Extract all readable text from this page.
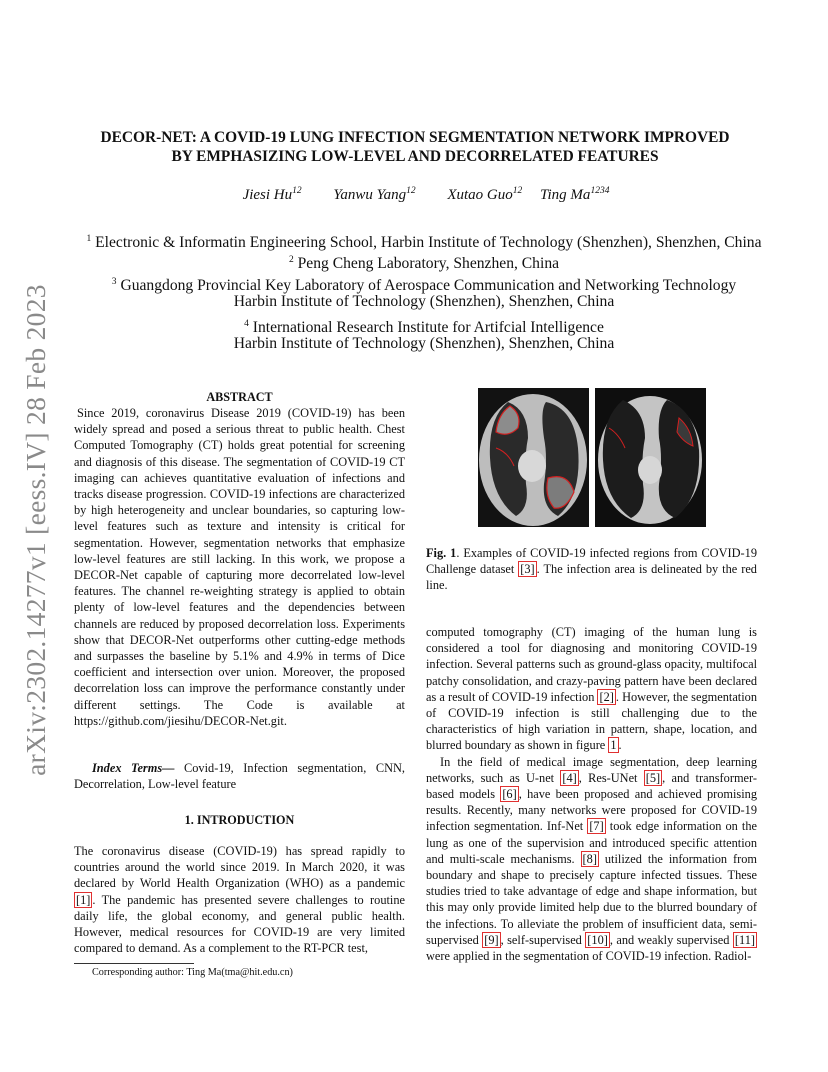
arXiv:2302.14277v1 [eess.IV] 28 Feb 2023
DECOR-NET: A COVID-19 LUNG INFECTION SEGMENTATION NETWORK IMPROVED
BY EMPHASIZING LOW-LEVEL AND DECORRELATED FEATURES
Jiesi Hu$^{12}$ Yanwu Yang$^{12}$ Xutao Guo$^{12}$ Ting $Ma^{1234}$
$^1$ Electronic & Informatin Engineering School, Harbin Institute of Technology (Shenzhen), Shenzhen, China
$^2$ Peng Cheng Laboratory, Shenzhen, China
$^3$ Guangdong Provincial Key Laboratory of Aerospace Communication and Networking Technology
Harbin Institute of Technology (Shenzhen), Shenzhen, China
$^4$ International Research Institute for Artifcial Intelligence
Harbin Institute of Technology (Shenzhen), Shenzhen, China
ABSTRACT
Since 2019, coronavirus Disease 2019 (COVID-19) has been widely spread and posed a serious threat to public health. Chest Computed Tomography (CT) holds great potential for screening and diagnosis of this disease. The segmentation of COVID-19 CT imaging can achieves quantitative evaluation of infections and tracks disease progression. COVID-19 infections are characterized by high heterogeneity and unclear boundaries, so capturing low-level features such as texture and intensity is critical for segmentation. However, segmentation networks that emphasize low-level features are still lacking. In this work, we propose a DECOR-Net capable of capturing more decorrelated low-level features. The channel re-weighting strategy is applied to obtain plenty of low-level features and the dependencies between channels are reduced by proposed decorrelation loss. Experiments show that DECOR-Net outperforms other cutting-edge methods and surpasses the baseline by 5.1% and 4.9% in terms of Dice coefficient and intersection over union. Moreover, the proposed decorrelation loss can improve the performance constantly under different settings. The Code is available at https://github.com/jiesihu/DECOR-Net.git.
Index Terms— Covid-19, Infection segmentation, CNN, Decorrelation, Low-level feature
1. INTRODUCTION
The coronavirus disease (COVID-19) has spread rapidly to countries around the world since 2019. In March 2020, it was declared by World Health Organization (WHO) as a pandemic [1] . The pandemic has presented severe challenges to routine daily life, the global economy, and general public health. However, medical resources for COVID-19 are very limited compared to demand. As a complement to the RT-PCR test,
Corresponding author: Ting Ma(tma@hit.edu.cn)
Fig. 1. Examples of COVID-19 infected regions from COVID-19 Challenge dataset [3] . The infection area is delineated by the red line.
computed tomography (CT) imaging of the human lung is considered a tool for diagnosing and monitoring COVID-19 infection. Several patterns such as ground-glass opacity, multifocal patchy consolidation, and crazy-paving pattern have been declared as a result of COVID-19 infection [2] . However, the segmentation of COVID-19 infection is still challenging due to the characteristics of high variation in pattern, shape, location, and blurred boundary as shown in figure 1 .
In the field of medical image segmentation, deep learning networks, such as U-net [4] , Res-UNet [5] , and transformer-based models [6] , have been proposed and achieved promising results. Recently, many networks were proposed for COVID-19 infection segmentation. Inf-Net [7] took edge information on the lung as one of the supervision and introduced specific attention and multi-scale mechanisms. [8] utilized the information from boundary and shape to precisely capture infected tissues. These studies tried to take advantage of edge and shape information, but this may only provide limited help due to the blurred boundary of the infections. To alleviate the problem of insufficient data, semi-supervised [9] , self-supervised [10] , and weakly supervised [11] were applied in the segmentation of COVID-19 infection. Radiol-
